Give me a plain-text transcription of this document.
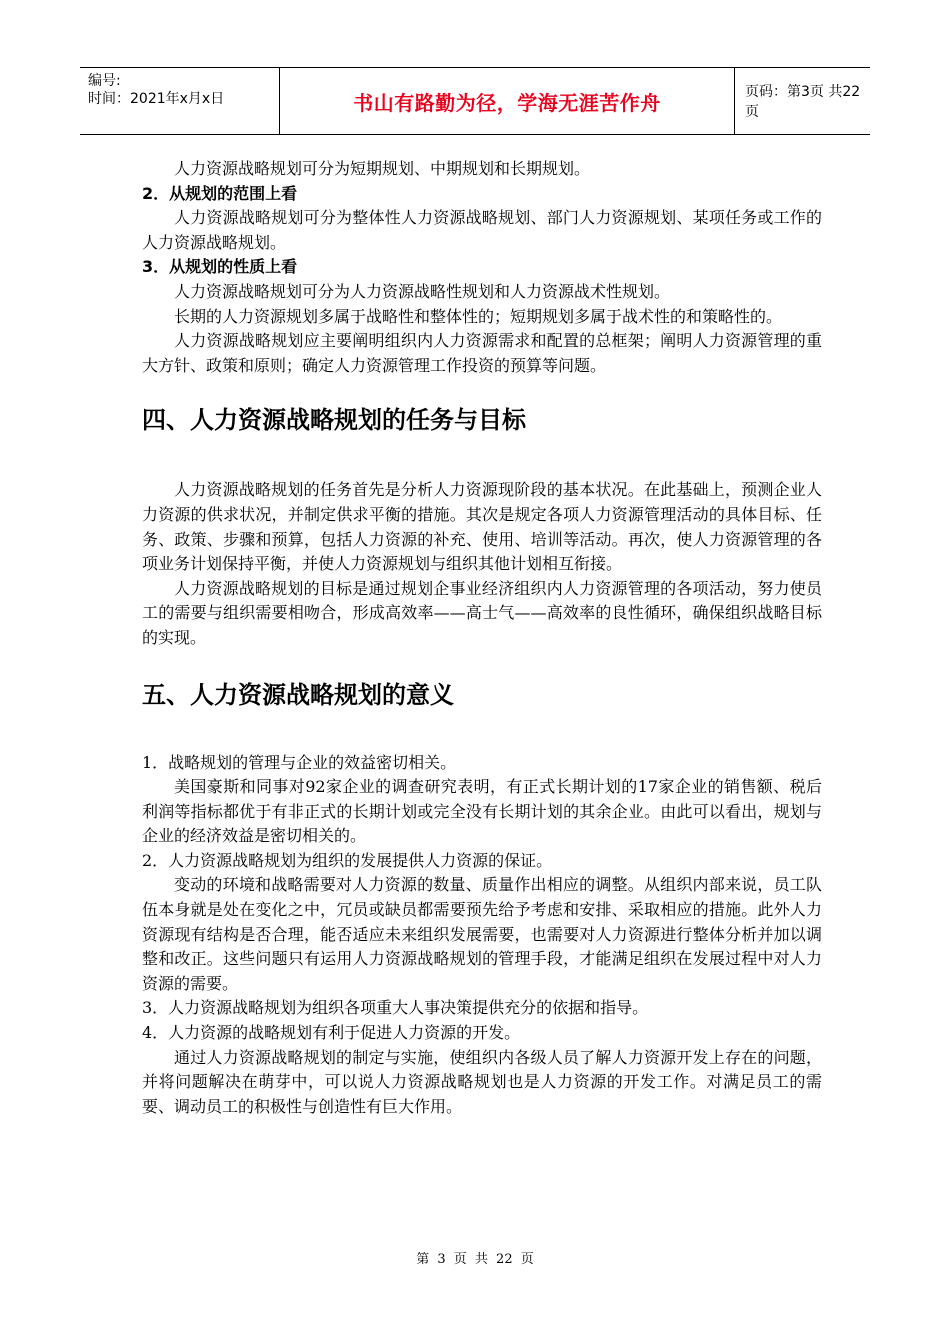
编号:
时间：2021年x月x日	书山有路勤为径，学海无涯苦作舟	页码：第3页 共22页

人力资源战略规划可分为短期规划、中期规划和长期规划。

2．从规划的范围上看

人力资源战略规划可分为整体性人力资源战略规划、部门人力资源规划、某项任务或工作的人力资源战略规划。

3．从规划的性质上看

人力资源战略规划可分为人力资源战略性规划和人力资源战术性规划。

长期的人力资源规划多属于战略性和整体性的；短期规划多属于战术性的和策略性的。

人力资源战略规划应主要阐明组织内人力资源需求和配置的总框架；阐明人力资源管理的重大方针、政策和原则；确定人力资源管理工作投资的预算等问题。

四、人力资源战略规划的任务与目标

人力资源战略规划的任务首先是分析人力资源现阶段的基本状况。在此基础上，预测企业人力资源的供求状况，并制定供求平衡的措施。其次是规定各项人力资源管理活动的具体目标、任务、政策、步骤和预算，包括人力资源的补充、使用、培训等活动。再次，使人力资源管理的各项业务计划保持平衡，并使人力资源规划与组织其他计划相互衔接。

人力资源战略规划的目标是通过规划企事业经济组织内人力资源管理的各项活动，努力使员工的需要与组织需要相吻合，形成高效率——高士气——高效率的良性循环，确保组织战略目标的实现。

五、人力资源战略规划的意义

1．战略规划的管理与企业的效益密切相关。

美国豪斯和同事对92家企业的调查研究表明，有正式长期计划的17家企业的销售额、税后利润等指标都优于有非正式的长期计划或完全没有长期计划的其余企业。由此可以看出，规划与企业的经济效益是密切相关的。

2．人力资源战略规划为组织的发展提供人力资源的保证。

变动的环境和战略需要对人力资源的数量、质量作出相应的调整。从组织内部来说，员工队伍本身就是处在变化之中，冗员或缺员都需要预先给予考虑和安排、采取相应的措施。此外人力资源现有结构是否合理，能否适应未来组织发展需要，也需要对人力资源进行整体分析并加以调整和改正。这些问题只有运用人力资源战略规划的管理手段，才能满足组织在发展过程中对人力资源的需要。

3．人力资源战略规划为组织各项重大人事决策提供充分的依据和指导。

4．人力资源的战略规划有利于促进人力资源的开发。

通过人力资源战略规划的制定与实施，使组织内各级人员了解人力资源开发上存在的问题，并将问题解决在萌芽中，可以说人力资源战略规划也是人力资源的开发工作。对满足员工的需要、调动员工的积极性与创造性有巨大作用。

第 3 页 共 22 页
